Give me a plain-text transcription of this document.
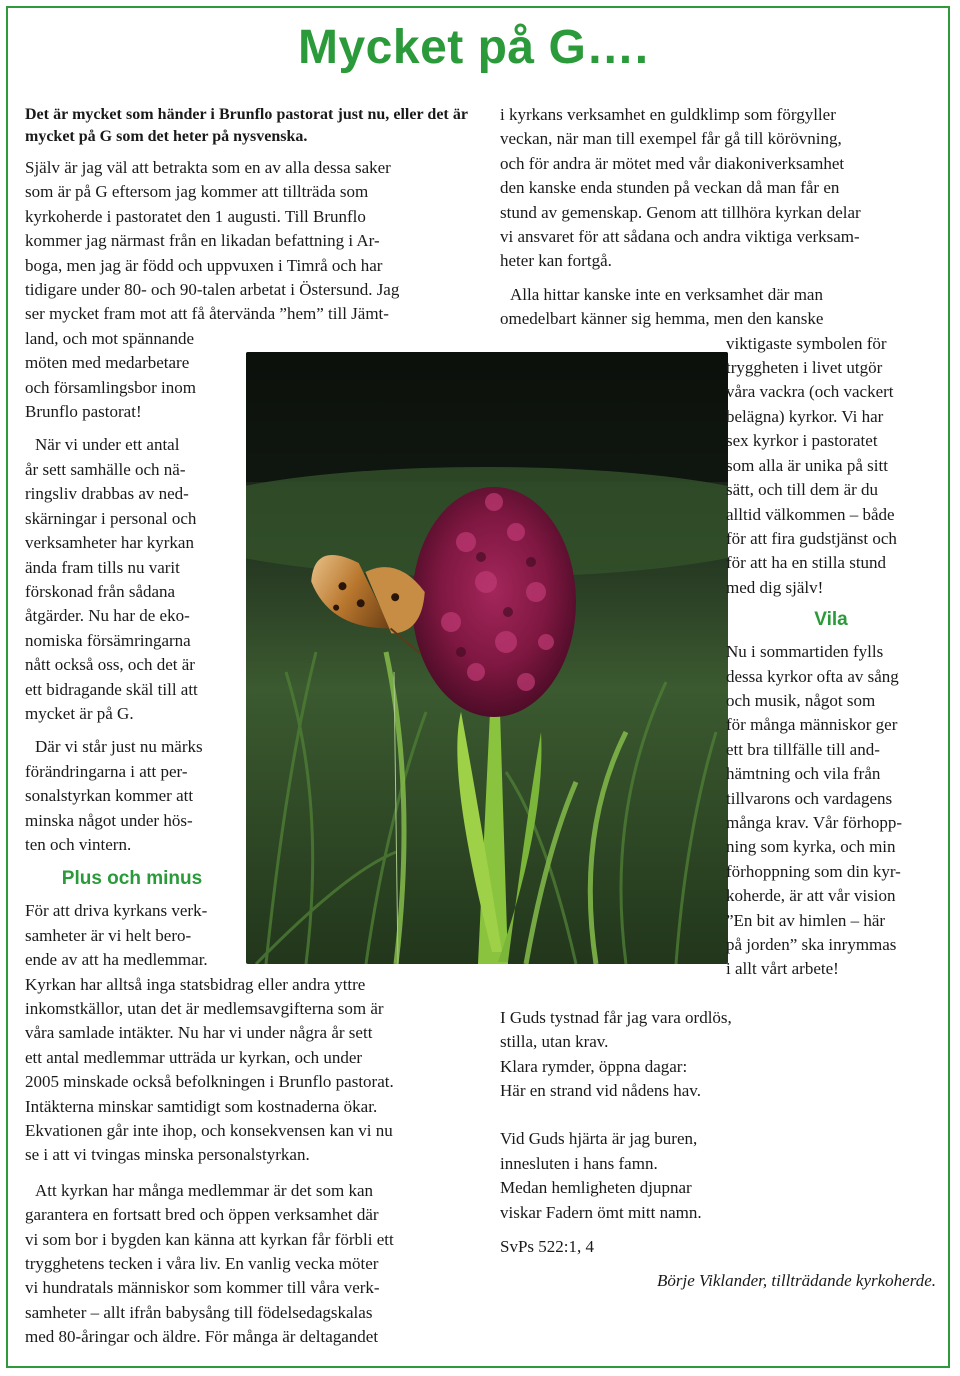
Mycket på G….

Det är mycket som händer i Brunflo pastorat just nu, eller det är mycket på G som det heter på nysvenska.

Själv är jag väl att betrakta som en av alla dessa saker

som är på G eftersom jag kommer att tillträda som

kyrkoherde i pastoratet den 1 augusti. Till Brunflo

kommer jag närmast från en likadan befattning i Ar-

boga, men jag är född och uppvuxen i Timrå och har

tidigare under 80- och 90-talen arbetat i Östersund. Jag

ser mycket fram mot att få återvända ”hem” till Jämt-

land, och mot spännande

möten med medarbetare

och församlingsbor inom

Brunflo pastorat!

När vi under ett antal

år sett samhälle och nä-

ringsliv drabbas av ned-

skärningar i personal och

verksamheter har kyrkan

ända fram tills nu varit

förskonad från sådana

åtgärder. Nu har de eko-

nomiska försämringarna

nått också oss, och det är

ett bidragande skäl till att

mycket är på G.

Där vi står just nu märks

förändringarna i att per-

sonalstyrkan kommer att

minska något under hös-

ten och vintern.

Plus och minus

För att driva kyrkans verk-

samheter är vi helt bero-

ende av att ha medlemmar.

Kyrkan har alltså inga statsbidrag eller andra yttre

inkomstkällor, utan det är medlemsavgifterna som är

våra samlade intäkter. Nu har vi under några år sett

ett antal medlemmar utträda ur kyrkan, och under

2005 minskade också befolkningen i Brunflo pastorat.

Intäkterna minskar samtidigt som kostnaderna ökar.

Ekvationen går inte ihop, och konsekvensen kan vi nu

se i att vi tvingas minska personalstyrkan.

Att kyrkan har många medlemmar är det som kan

garantera en fortsatt bred och öppen verksamhet där

vi som bor i bygden kan känna att kyrkan får förbli ett

trygghetens tecken i våra liv. En vanlig vecka möter

vi hundratals människor som kommer till våra verk-

samheter – allt ifrån babysång till födelsedagskalas

med 80-åringar och äldre. För många är deltagandet

i kyrkans verksamhet en guldklimp som förgyller

veckan, när man till exempel får gå till körövning,

och för andra är mötet med vår diakoniverksamhet

den kanske enda stunden på veckan då man får en

stund av gemenskap. Genom att tillhöra kyrkan delar

vi ansvaret för att sådana och andra viktiga verksam-

heter kan fortgå.

Alla hittar kanske inte en verksamhet där man

omedelbart känner sig hemma, men den kanske

viktigaste symbolen för

tryggheten i livet utgör

våra vackra (och vackert

belägna) kyrkor. Vi har

sex kyrkor i pastoratet

som alla är unika på sitt

sätt, och till dem är du

alltid välkommen – både

för att fira gudstjänst och

för att ha en stilla stund

med dig själv!

Vila

Nu i sommartiden fylls

dessa kyrkor ofta av sång

och musik, något som

för många människor ger

ett bra tillfälle till and-

hämtning och vila från

tillvarons och vardagens

många krav. Vår förhopp-

ning som kyrka, och min

förhoppning som din kyr-

koherde, är att vår vision

”En bit av himlen – här

på jorden” ska inrymmas

i allt vårt arbete!

I Guds tystnad får jag vara ordlös,

stilla, utan krav.

Klara rymder, öppna dagar:

Här en strand vid nådens hav.

Vid Guds hjärta är jag buren,

innesluten i hans famn.

Medan hemligheten djupnar

viskar Fadern ömt mitt namn.

SvPs 522:1, 4

Börje Viklander, tillträdande kyrkoherde.
